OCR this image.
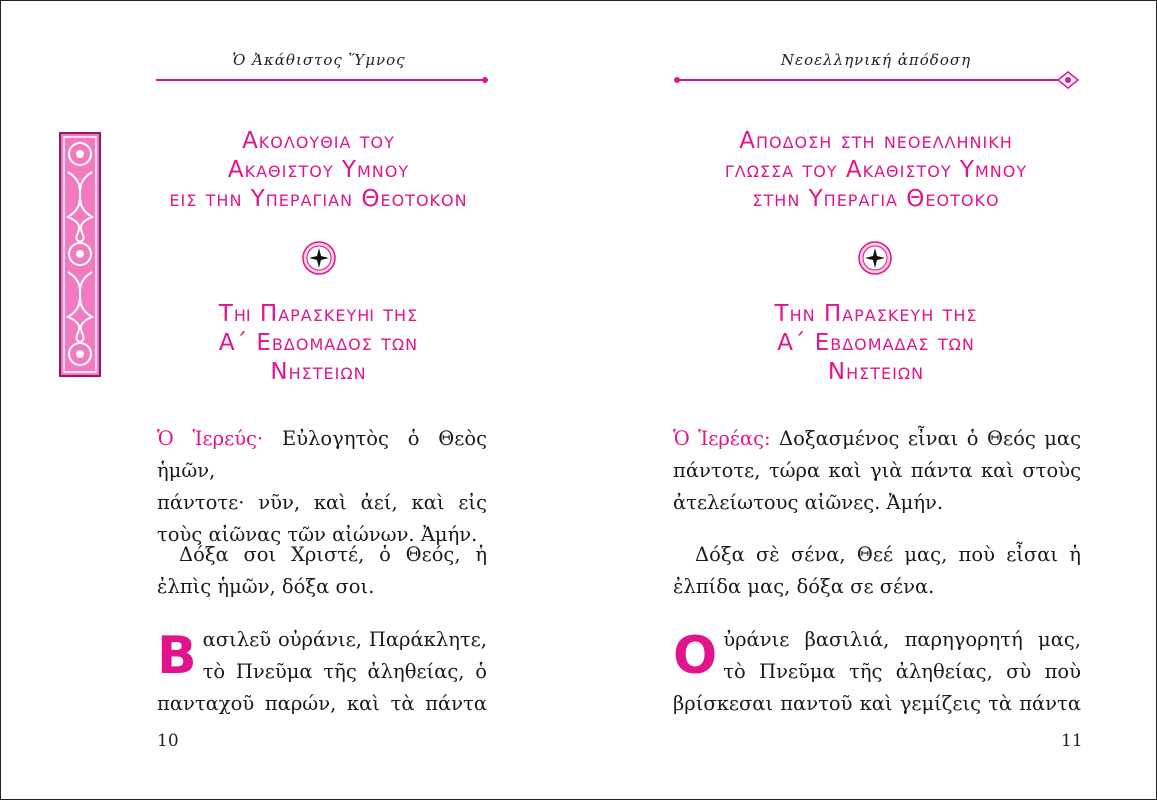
Ὁ Ἀκάθιστος Ὕμνος
Ακολουθια του
Ακαθιστου Υμνου
εις την Υπεραγιαν Θεοτοκον
Τῌ Παρασκευῌ της
Α΄ Εβδομαδος των
Νηστειων
Ὁ Ἱερεύς· Εὐλογητὸς ὁ Θεὸς ἡμῶν,
πάντοτε· νῦν, καὶ ἀεί, καὶ εἰς
τοὺς αἰῶνας τῶν αἰώνων. Ἀμήν.
Δόξα σοι Χριστέ, ὁ Θεός, ἡ
ἐλπὶς ἡμῶν, δόξα σοι.
B ασιλεῦ οὐράνιε, Παράκλητε,
τὸ Πνεῦμα τῆς ἀληθείας, ὁ
πανταχοῦ παρών, καὶ τὰ πάντα
10
Νεοελληνική ἀπόδοση
Αποδοση στη νεοελληνικη
γλωσσα του Ακαθιστου Υμνου
στην Υπεραγια Θεοτοκο
Την Παρασκευη της
Α΄ Εβδομαδας των
Νηστειων
Ὁ Ἱερέας: Δοξασμένος εἶναι ὁ Θεός μας
πάντοτε, τώρα καὶ γιὰ πάντα καὶ στοὺς
ἀτελείωτους αἰῶνες. Ἀμήν.
Δόξα σὲ σένα, Θεέ μας, ποὺ εἶσαι ἡ
ἐλπίδα μας, δόξα σε σένα.
O ὐράνιε βασιλιά, παρηγορητή μας,
τὸ Πνεῦμα τῆς ἀληθείας, σὺ ποὺ
βρίσκεσαι παντοῦ καὶ γεμίζεις τὰ πάντα
11
